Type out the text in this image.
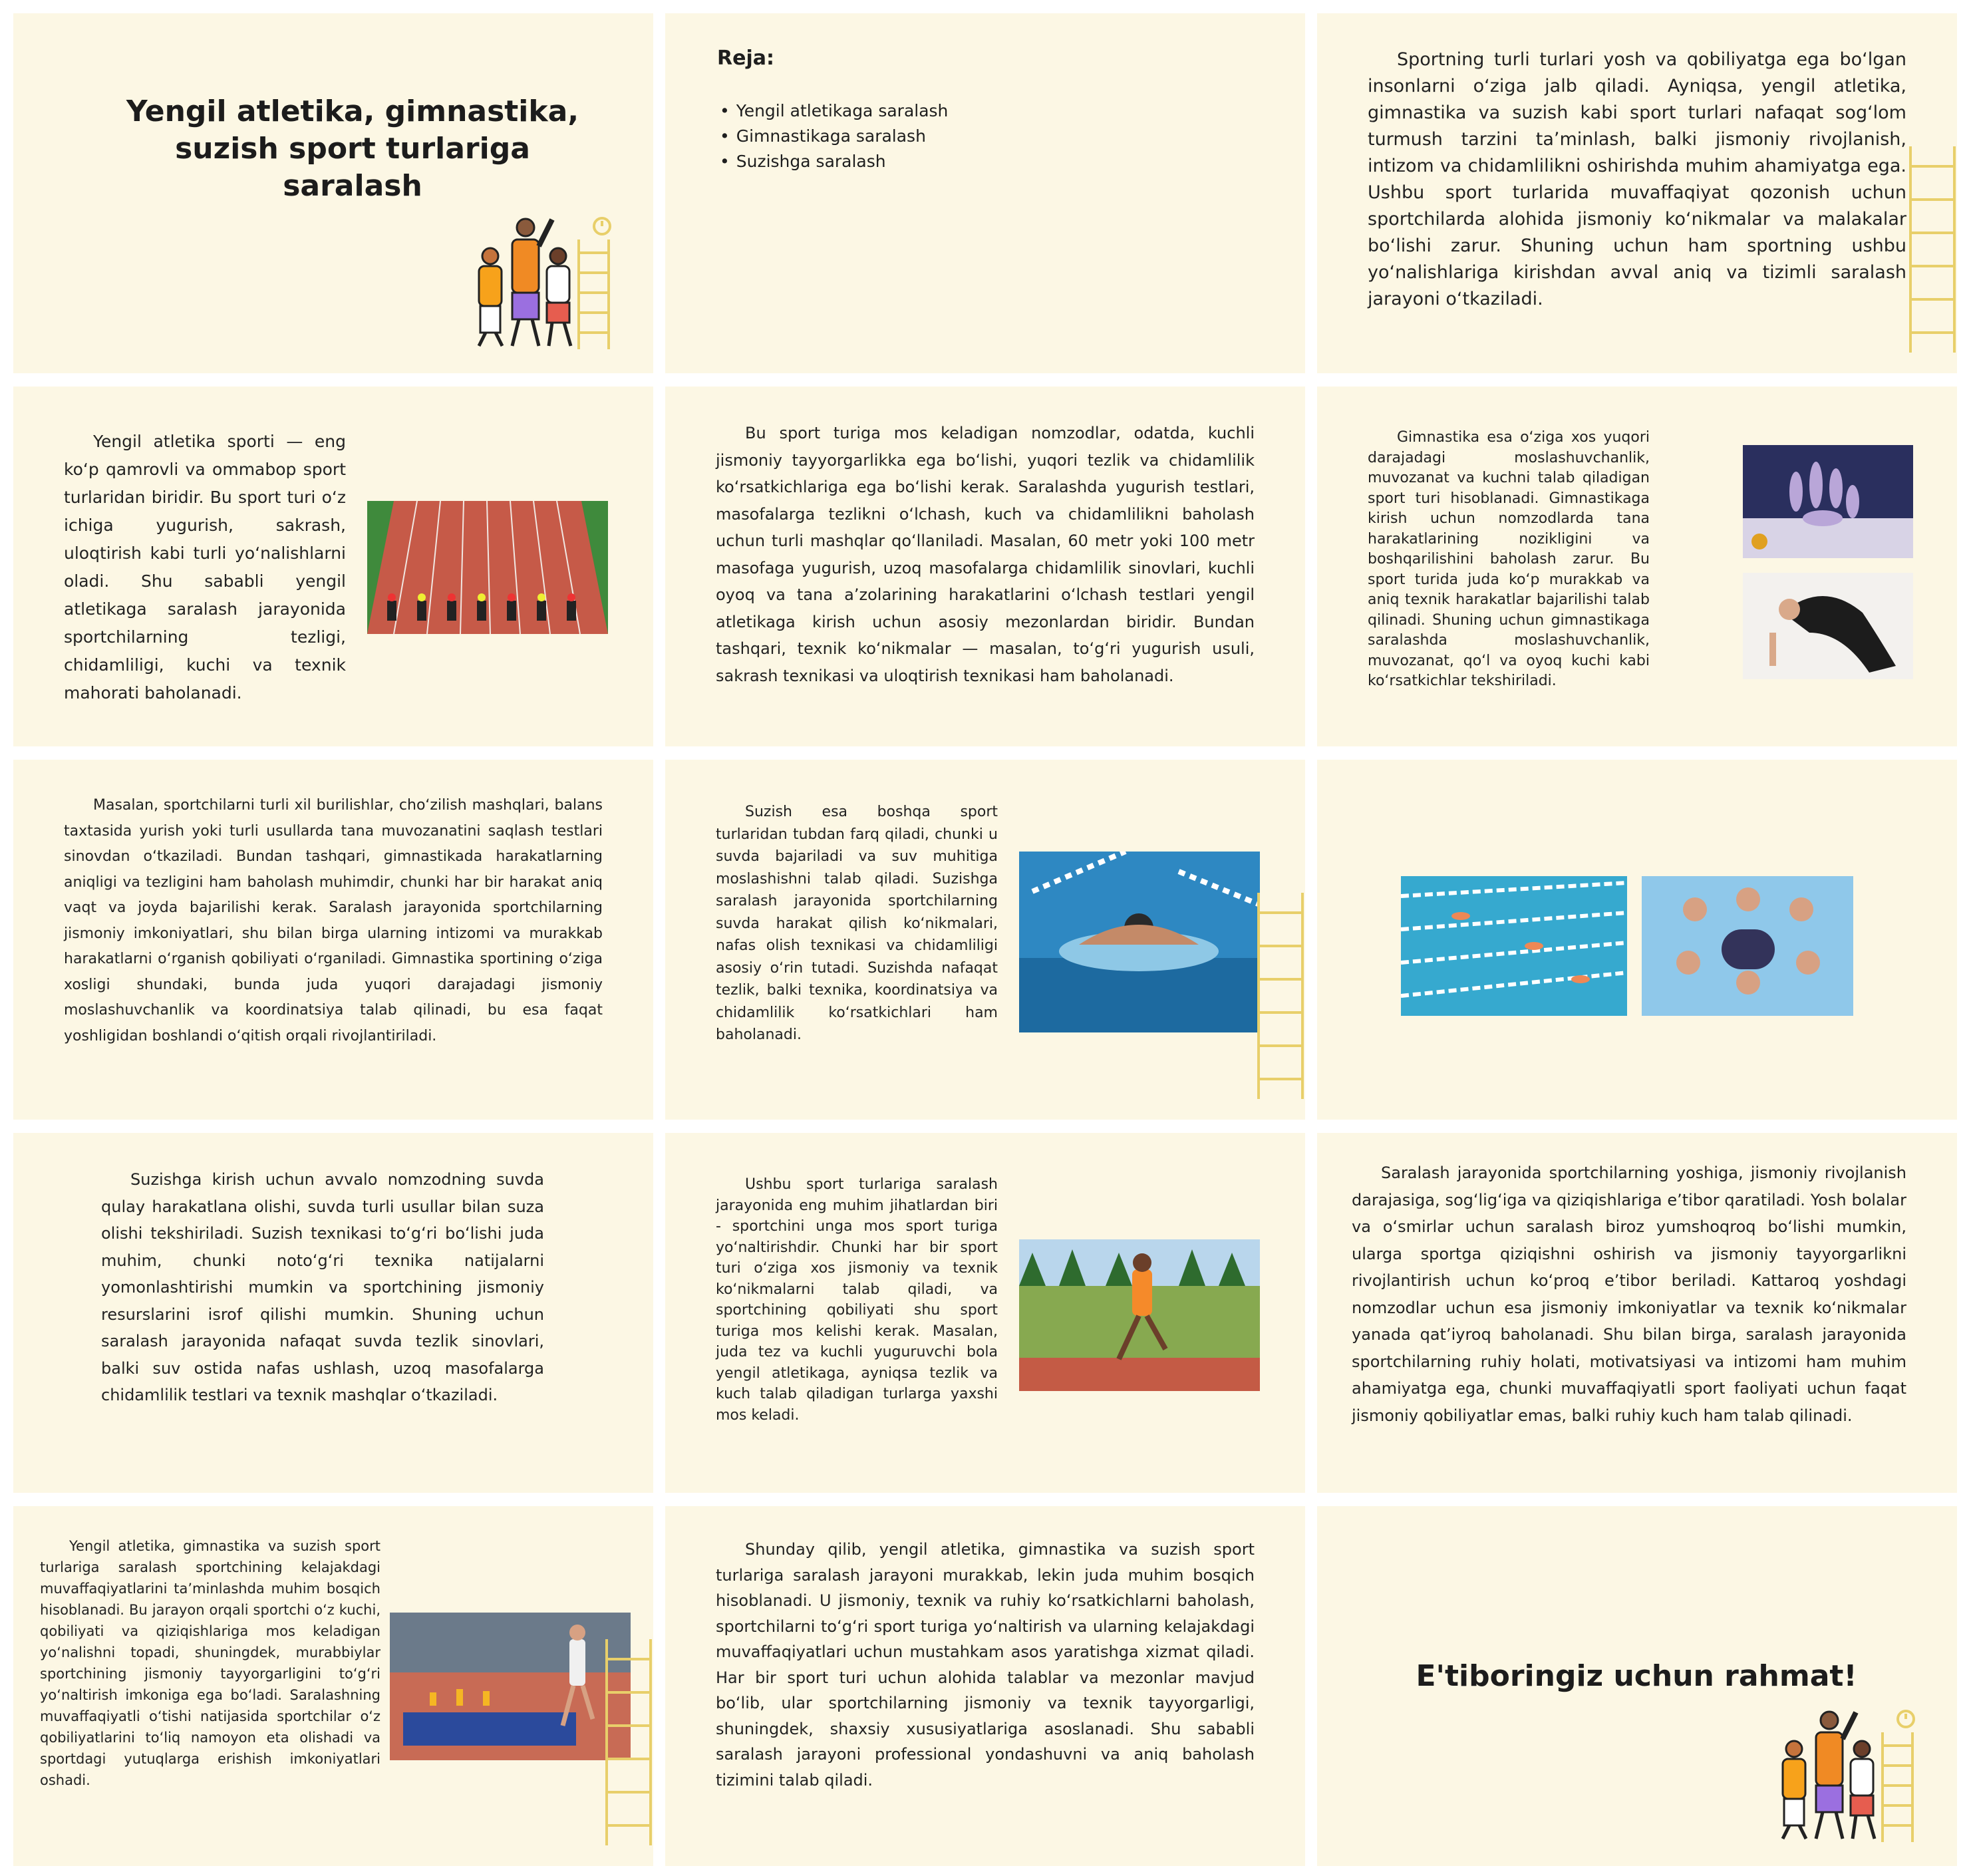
Yengil atletika, gimnastika, suzish sport turlariga saralash
Reja:
• Yengil atletikaga saralash
• Gimnastikaga saralash
• Suzishga saralash

Sportning turli turlari yosh va qobiliyatga ega boʻlgan insonlarni oʻziga jalb qiladi. Ayniqsa, yengil atletika, gimnastika va suzish kabi sport turlari nafaqat sogʻlom turmush tarzini taʼminlash, balki jismoniy rivojlanish, intizom va chidamlilikni oshirishda muhim ahamiyatga ega. Ushbu sport turlarida muvaffaqiyat qozonish uchun sportchilarda alohida jismoniy koʻnikmalar va malakalar boʻlishi zarur. Shuning uchun ham sportning ushbu yoʻnalishlariga kirishdan avval aniq va tizimli saralash jarayoni oʻtkaziladi.

Yengil atletika sporti — eng koʻp qamrovli va ommabop sport turlaridan biridir. Bu sport turi oʻz ichiga yugurish, sakrash, uloqtirish kabi turli yoʻnalishlarni oladi. Shu sababli yengil atletikaga saralash jarayonida sportchilarning tezligi, chidamliligi, kuchi va texnik mahorati baholanadi.

Bu sport turiga mos keladigan nomzodlar, odatda, kuchli jismoniy tayyorgarlikka ega boʻlishi, yuqori tezlik va chidamlilik koʻrsatkichlariga ega boʻlishi kerak. Saralashda yugurish testlari, masofalarga tezlikni oʻlchash, kuch va chidamlilikni baholash uchun turli mashqlar qoʻllaniladi. Masalan, 60 metr yoki 100 metr masofaga yugurish, uzoq masofalarga chidamlilik sinovlari, kuchli oyoq va tana aʼzolarining harakatlarini oʻlchash testlari yengil atletikaga kirish uchun asosiy mezonlardan biridir. Bundan tashqari, texnik koʻnikmalar — masalan, toʻgʻri yugurish usuli, sakrash texnikasi va uloqtirish texnikasi ham baholanadi.

Gimnastika esa oʻziga xos yuqori darajadagi moslashuvchanlik, muvozanat va kuchni talab qiladigan sport turi hisoblanadi. Gimnastikaga kirish uchun nomzodlarda tana harakatlarining nozikligini va boshqarilishini baholash zarur. Bu sport turida juda koʻp murakkab va aniq texnik harakatlar bajarilishi talab qilinadi. Shuning uchun gimnastikaga saralashda moslashuvchanlik, muvozanat, qoʻl va oyoq kuchi kabi koʻrsatkichlar tekshiriladi.

Masalan, sportchilarni turli xil burilishlar, choʻzilish mashqlari, balans taxtasida yurish yoki turli usullarda tana muvozanatini saqlash testlari sinovdan oʻtkaziladi. Bundan tashqari, gimnastikada harakatlarning aniqligi va tezligini ham baholash muhimdir, chunki har bir harakat aniq vaqt va joyda bajarilishi kerak. Saralash jarayonida sportchilarning jismoniy imkoniyatlari, shu bilan birga ularning intizomi va murakkab harakatlarni oʻrganish qobiliyati oʻrganiladi. Gimnastika sportining oʻziga xosligi shundaki, bunda juda yuqori darajadagi jismoniy moslashuvchanlik va koordinatsiya talab qilinadi, bu esa faqat yoshligidan boshlandi oʻqitish orqali rivojlantiriladi.

Suzish esa boshqa sport turlaridan tubdan farq qiladi, chunki u suvda bajariladi va suv muhitiga moslashishni talab qiladi. Suzishga saralash jarayonida sportchilarning suvda harakat qilish koʻnikmalari, nafas olish texnikasi va chidamliligi asosiy oʻrin tutadi. Suzishda nafaqat tezlik, balki texnika, koordinatsiya va chidamlilik koʻrsatkichlari ham baholanadi.

Suzishga kirish uchun avvalo nomzodning suvda qulay harakatlana olishi, suvda turli usullar bilan suza olishi tekshiriladi. Suzish texnikasi toʻgʻri boʻlishi juda muhim, chunki notoʻgʻri texnika natijalarni yomonlashtirishi mumkin va sportchining jismoniy resurslarini isrof qilishi mumkin. Shuning uchun saralash jarayonida nafaqat suvda tezlik sinovlari, balki suv ostida nafas ushlash, uzoq masofalarga chidamlilik testlari va texnik mashqlar oʻtkaziladi.

Ushbu sport turlariga saralash jarayonida eng muhim jihatlardan biri - sportchini unga mos sport turiga yoʻnaltirishdir. Chunki har bir sport turi oʻziga xos jismoniy va texnik koʻnikmalarni talab qiladi, va sportchining qobiliyati shu sport turiga mos kelishi kerak. Masalan, juda tez va kuchli yuguruvchi bola yengil atletikaga, ayniqsa tezlik va kuch talab qiladigan turlarga yaxshi mos keladi.

Saralash jarayonida sportchilarning yoshiga, jismoniy rivojlanish darajasiga, sogʻligʻiga va qiziqishlariga eʼtibor qaratiladi. Yosh bolalar va oʻsmirlar uchun saralash biroz yumshoqroq boʻlishi mumkin, ularga sportga qiziqishni oshirish va jismoniy tayyorgarlikni rivojlantirish uchun koʻproq eʼtibor beriladi. Kattaroq yoshdagi nomzodlar uchun esa jismoniy imkoniyatlar va texnik koʻnikmalar yanada qatʼiyroq baholanadi. Shu bilan birga, saralash jarayonida sportchilarning ruhiy holati, motivatsiyasi va intizomi ham muhim ahamiyatga ega, chunki muvaffaqiyatli sport faoliyati uchun faqat jismoniy qobiliyatlar emas, balki ruhiy kuch ham talab qilinadi.

Yengil atletika, gimnastika va suzish sport turlariga saralash sportchining kelajakdagi muvaffaqiyatlarini taʼminlashda muhim bosqich hisoblanadi. Bu jarayon orqali sportchi oʻz kuchi, qobiliyati va qiziqishlariga mos keladigan yoʻnalishni topadi, shuningdek, murabbiylar sportchining jismoniy tayyorgarligini toʻgʻri yoʻnaltirish imkoniga ega boʻladi. Saralashning muvaffaqiyatli oʻtishi natijasida sportchilar oʻz qobiliyatlarini toʻliq namoyon eta olishadi va sportdagi yutuqlarga erishish imkoniyatlari oshadi.

Shunday qilib, yengil atletika, gimnastika va suzish sport turlariga saralash jarayoni murakkab, lekin juda muhim bosqich hisoblanadi. U jismoniy, texnik va ruhiy koʻrsatkichlarni baholash, sportchilarni toʻgʻri sport turiga yoʻnaltirish va ularning kelajakdagi muvaffaqiyatlari uchun mustahkam asos yaratishga xizmat qiladi. Har bir sport turi uchun alohida talablar va mezonlar mavjud boʻlib, ular sportchilarning jismoniy va texnik tayyorgarligi, shuningdek, shaxsiy xususiyatlariga asoslanadi. Shu sababli saralash jarayoni professional yondashuvni va aniq baholash tizimini talab qiladi.

E'tiboringiz uchun rahmat!
